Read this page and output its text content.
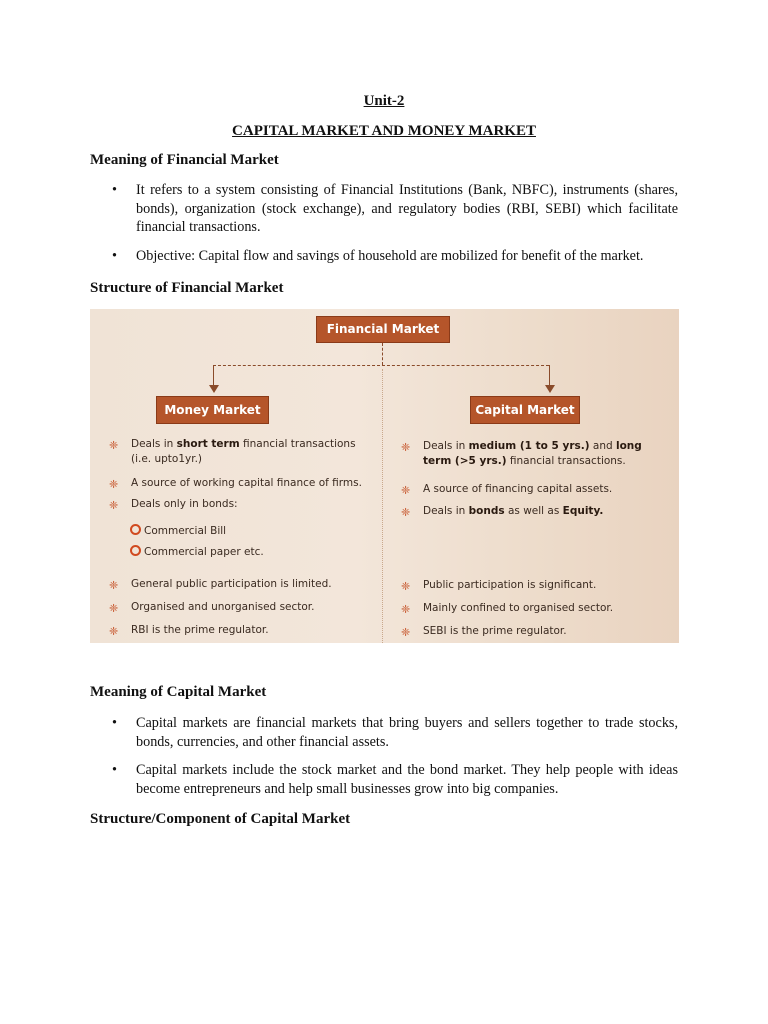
Unit-2
CAPITAL MARKET AND MONEY MARKET
Meaning of Financial Market
• It refers to a system consisting of Financial Institutions (Bank, NBFC), instruments (shares, bonds), organization (stock exchange), and regulatory bodies (RBI, SEBI) which facilitate financial transactions.
• Objective: Capital flow and savings of household are mobilized for benefit of the market.
Structure of Financial Market
Financial Market
Money Market	Capital Market
❈ Deals in short term financial transactions (i.e. upto1yr.)
❈ A source of working capital finance of firms.
❈ Deals only in bonds:
Commercial Bill
Commercial paper etc.
❈ General public participation is limited.
❈ Organised and unorganised sector.
❈ RBI is the prime regulator.
❈ Deals in medium (1 to 5 yrs.) and long term (>5 yrs.) financial transactions.
❈ A source of financing capital assets.
❈ Deals in bonds as well as Equity.
❈ Public participation is significant.
❈ Mainly confined to organised sector.
❈ SEBI is the prime regulator.
Meaning of Capital Market
• Capital markets are financial markets that bring buyers and sellers together to trade stocks, bonds, currencies, and other financial assets.
• Capital markets include the stock market and the bond market. They help people with ideas become entrepreneurs and help small businesses grow into big companies.
Structure/Component of Capital Market
